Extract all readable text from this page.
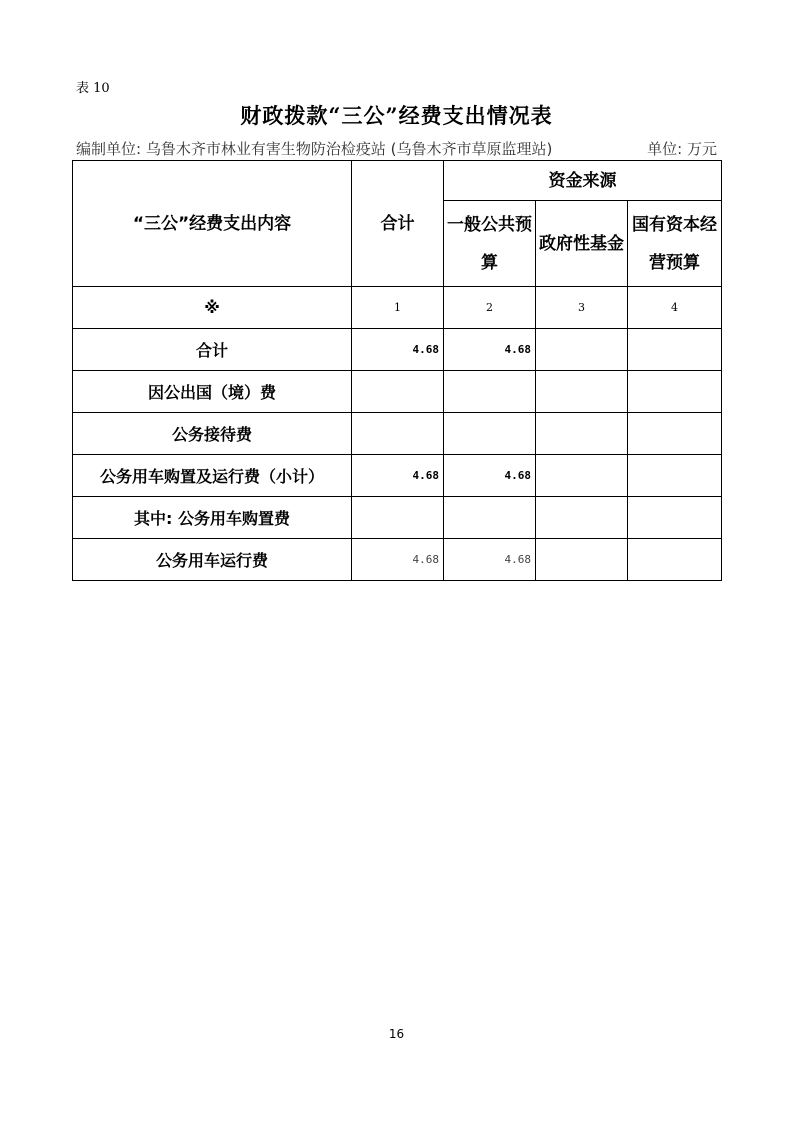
表 10
财政拨款“三公”经费支出情况表
编制单位: 乌鲁木齐市林业有害生物防治检疫站 (乌鲁木齐市草原监理站)	单位: 万元
“三公”经费支出内容	合计	资金来源		
		一般公共预算	政府性基金	国有资本经营预算
※	1	2	3	4
合计	4.68	4.68		
因公出国（境）费				
公务接待费				
公务用车购置及运行费（小计）	4.68	4.68		
其中: 公务用车购置费				
公务用车运行费	4.68	4.68		
16
